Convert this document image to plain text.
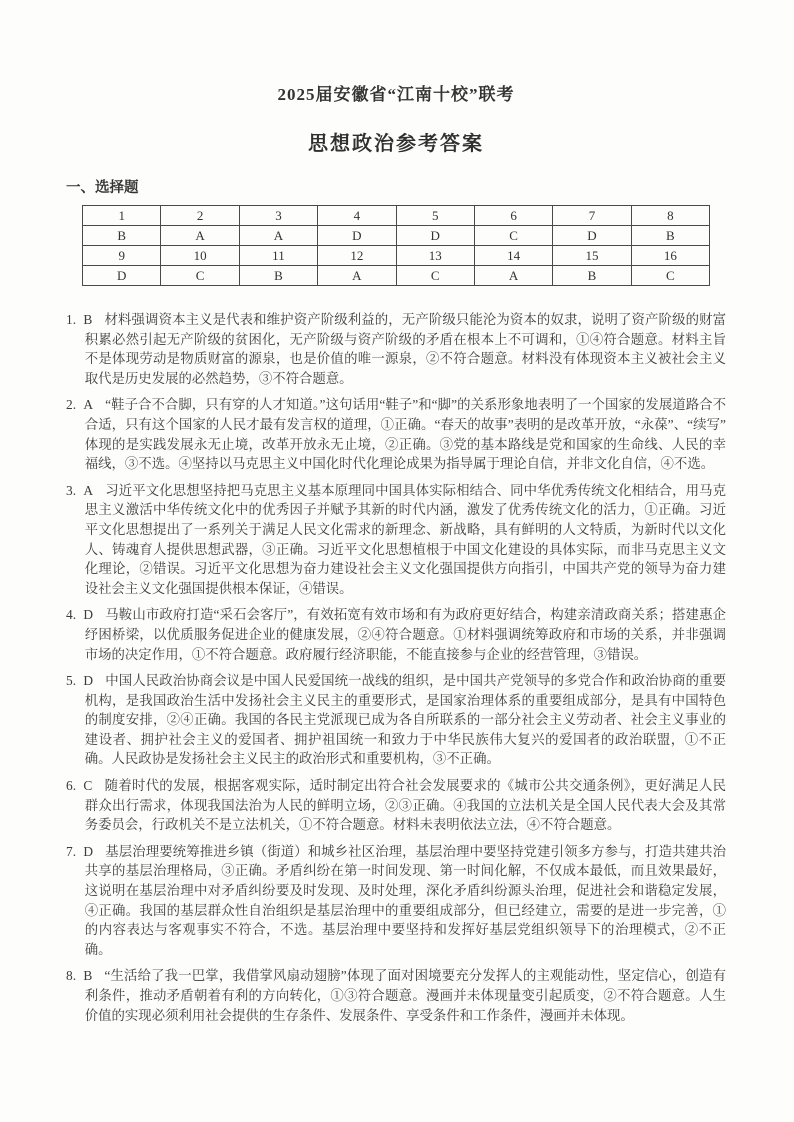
2025届安徽省“江南十校”联考
思想政治参考答案
一、选择题
1	2	3	4	5	6	7	8
B	A	A	D	D	C	D	B
9	10	11	12	13	14	15	16
D	C	B	A	C	A	B	C

1. B 材料强调资本主义是代表和维护资产阶级利益的，无产阶级只能沦为资本的奴隶，说明了资产阶级的财富积累必然引起无产阶级的贫困化，无产阶级与资产阶级的矛盾在根本上不可调和，①④符合题意。材料主旨不是体现劳动是物质财富的源泉，也是价值的唯一源泉，②不符合题意。材料没有体现资本主义被社会主义取代是历史发展的必然趋势，③不符合题意。

2. A “鞋子合不合脚，只有穿的人才知道。”这句话用“鞋子”和“脚”的关系形象地表明了一个国家的发展道路合不合适，只有这个国家的人民才最有发言权的道理，①正确。“春天的故事”表明的是改革开放，“永葆”、“续写”体现的是实践发展永无止境，改革开放永无止境，②正确。③党的基本路线是党和国家的生命线、人民的幸福线，③不选。④坚持以马克思主义中国化时代化理论成果为指导属于理论自信，并非文化自信，④不选。

3. A 习近平文化思想坚持把马克思主义基本原理同中国具体实际相结合、同中华优秀传统文化相结合，用马克思主义激活中华传统文化中的优秀因子并赋予其新的时代内涵，激发了优秀传统文化的活力，①正确。习近平文化思想提出了一系列关于满足人民文化需求的新理念、新战略，具有鲜明的人文特质，为新时代以文化人、铸魂育人提供思想武器，③正确。习近平文化思想植根于中国文化建设的具体实际，而非马克思主义文化理论，②错误。习近平文化思想为奋力建设社会主义文化强国提供方向指引，中国共产党的领导为奋力建设社会主义文化强国提供根本保证，④错误。

4. D 马鞍山市政府打造“采石会客厅”，有效拓宽有效市场和有为政府更好结合，构建亲清政商关系；搭建惠企纾困桥梁，以优质服务促进企业的健康发展，②④符合题意。①材料强调统筹政府和市场的关系，并非强调市场的决定作用，①不符合题意。政府履行经济职能，不能直接参与企业的经营管理，③错误。

5. D 中国人民政治协商会议是中国人民爱国统一战线的组织，是中国共产党领导的多党合作和政治协商的重要机构，是我国政治生活中发扬社会主义民主的重要形式，是国家治理体系的重要组成部分，是具有中国特色的制度安排，②④正确。我国的各民主党派现已成为各自所联系的一部分社会主义劳动者、社会主义事业的建设者、拥护社会主义的爱国者、拥护祖国统一和致力于中华民族伟大复兴的爱国者的政治联盟，①不正确。人民政协是发扬社会主义民主的政治形式和重要机构，③不正确。

6. C 随着时代的发展，根据客观实际，适时制定出符合社会发展要求的《城市公共交通条例》，更好满足人民群众出行需求，体现我国法治为人民的鲜明立场，②③正确。④我国的立法机关是全国人民代表大会及其常务委员会，行政机关不是立法机关，①不符合题意。材料未表明依法立法，④不符合题意。

7. D 基层治理要统筹推进乡镇（街道）和城乡社区治理，基层治理中要坚持党建引领多方参与，打造共建共治共享的基层治理格局，③正确。矛盾纠纷在第一时间发现、第一时间化解，不仅成本最低，而且效果最好，这说明在基层治理中对矛盾纠纷要及时发现、及时处理，深化矛盾纠纷源头治理，促进社会和谐稳定发展，④正确。我国的基层群众性自治组织是基层治理中的重要组成部分，但已经建立，需要的是进一步完善，①的内容表达与客观事实不符合，不选。基层治理中要坚持和发挥好基层党组织领导下的治理模式，②不正确。

8. B “生活给了我一巴掌，我借掌风扇动翅膀”体现了面对困境要充分发挥人的主观能动性，坚定信心，创造有利条件，推动矛盾朝着有利的方向转化，①③符合题意。漫画并未体现量变引起质变，②不符合题意。人生价值的实现必须利用社会提供的生存条件、发展条件、享受条件和工作条件，漫画并未体现。
